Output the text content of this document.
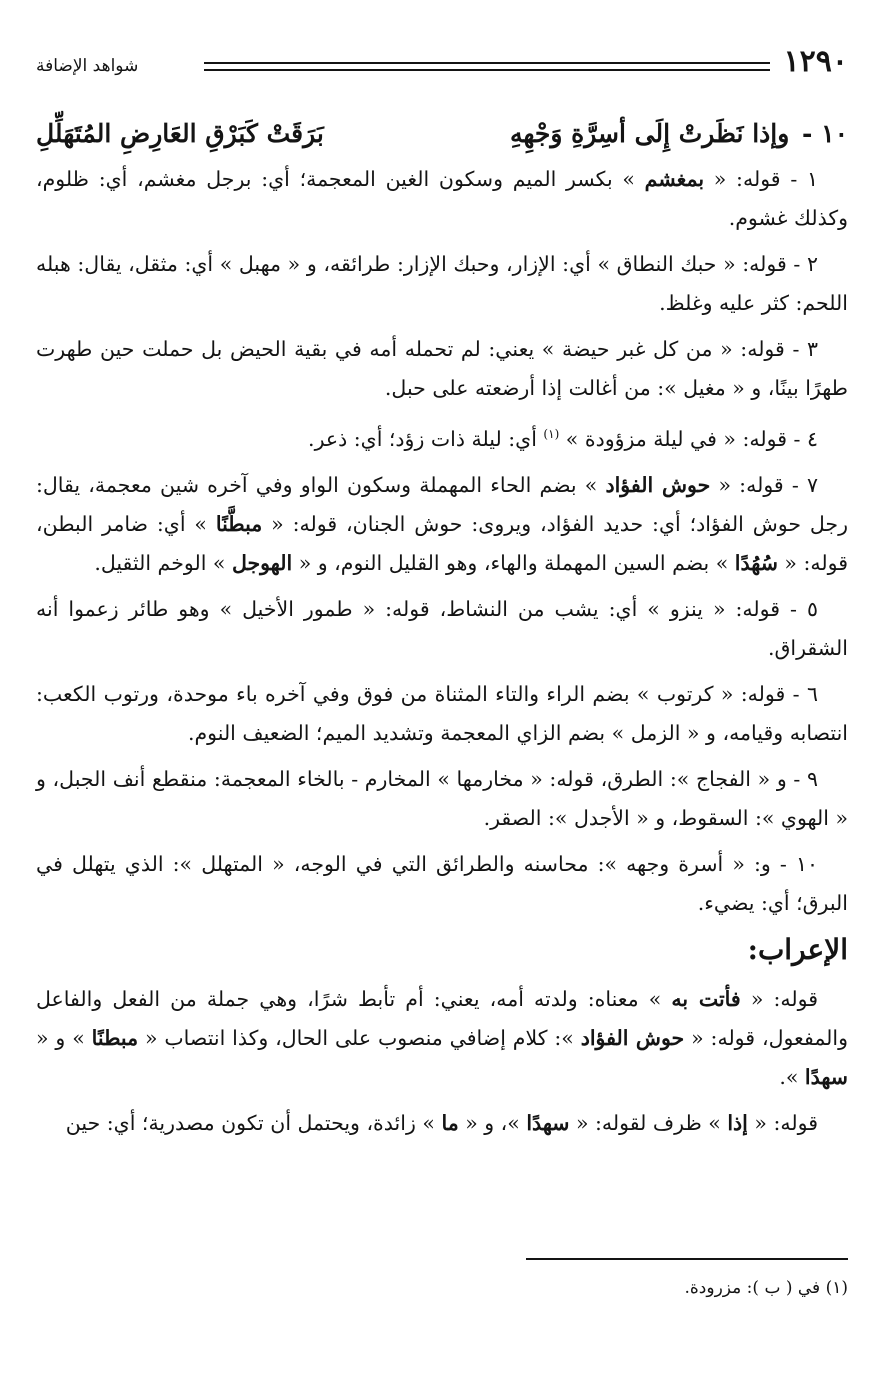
١٢٩٠
شواهد الإضافة
١٠ - وإذا نَظَرتْ إِلَى أسِرَّةِ وَجْهِهِ
بَرَقَتْ كَبَرْقِ العَارِضِ المُتَهَلِّلِ

١ - قوله: « بمغشم » بكسر الميم وسكون الغين المعجمة؛ أي: برجل مغشم، أي: ظلوم، وكذلك غشوم.

٢ - قوله: « حبك النطاق » أي: الإزار، وحبك الإزار: طرائقه، و « مهبل » أي: مثقل، يقال: هبله اللحم: كثر عليه وغلظ.

٣ - قوله: « من كل غبر حيضة » يعني: لم تحمله أمه في بقية الحيض بل حملت حين طهرت طهرًا بينًا، و « مغيل »: من أغالت إذا أرضعته على حبل.

٤ - قوله: « في ليلة مزؤودة » $^{(١)}$ أي: ليلة ذات زؤد؛ أي: ذعر.

٧ - قوله: « حوش الفؤاد » بضم الحاء المهملة وسكون الواو وفي آخره شين معجمة، يقال: رجل حوش الفؤاد؛ أي: حديد الفؤاد، ويروى: حوش الجنان، قوله: « مبطَّنًا » أي: ضامر البطن، قوله: « سُهُدًا » بضم السين المهملة والهاء، وهو القليل النوم، و « الهوجل » الوخم الثقيل.

٥ - قوله: « ينزو » أي: يشب من النشاط، قوله: « طمور الأخيل » وهو طائر زعموا أنه الشقراق.

٦ - قوله: « كرتوب » بضم الراء والتاء المثناة من فوق وفي آخره باء موحدة، ورتوب الكعب: انتصابه وقيامه، و « الزمل » بضم الزاي المعجمة وتشديد الميم؛ الضعيف النوم.

٩ - و « الفجاج »: الطرق، قوله: « مخارمها » المخارم - بالخاء المعجمة: منقطع أنف الجبل، و « الهوي »: السقوط، و « الأجدل »: الصقر.

١٠ - و: « أسرة وجهه »: محاسنه والطرائق التي في الوجه، « المتهلل »: الذي يتهلل في البرق؛ أي: يضيء.

الإعراب:

قوله: « فأتت به » معناه: ولدته أمه، يعني: أم تأبط شرًا، وهي جملة من الفعل والفاعل والمفعول، قوله: « حوش الفؤاد »: كلام إضافي منصوب على الحال، وكذا انتصاب « مبطنًا » و « سهدًا ».

قوله: « إذا » ظرف لقوله: « سهدًا »، و « ما » زائدة، ويحتمل أن تكون مصدرية؛ أي: حين

(١) في ( ب ): مزرودة.
